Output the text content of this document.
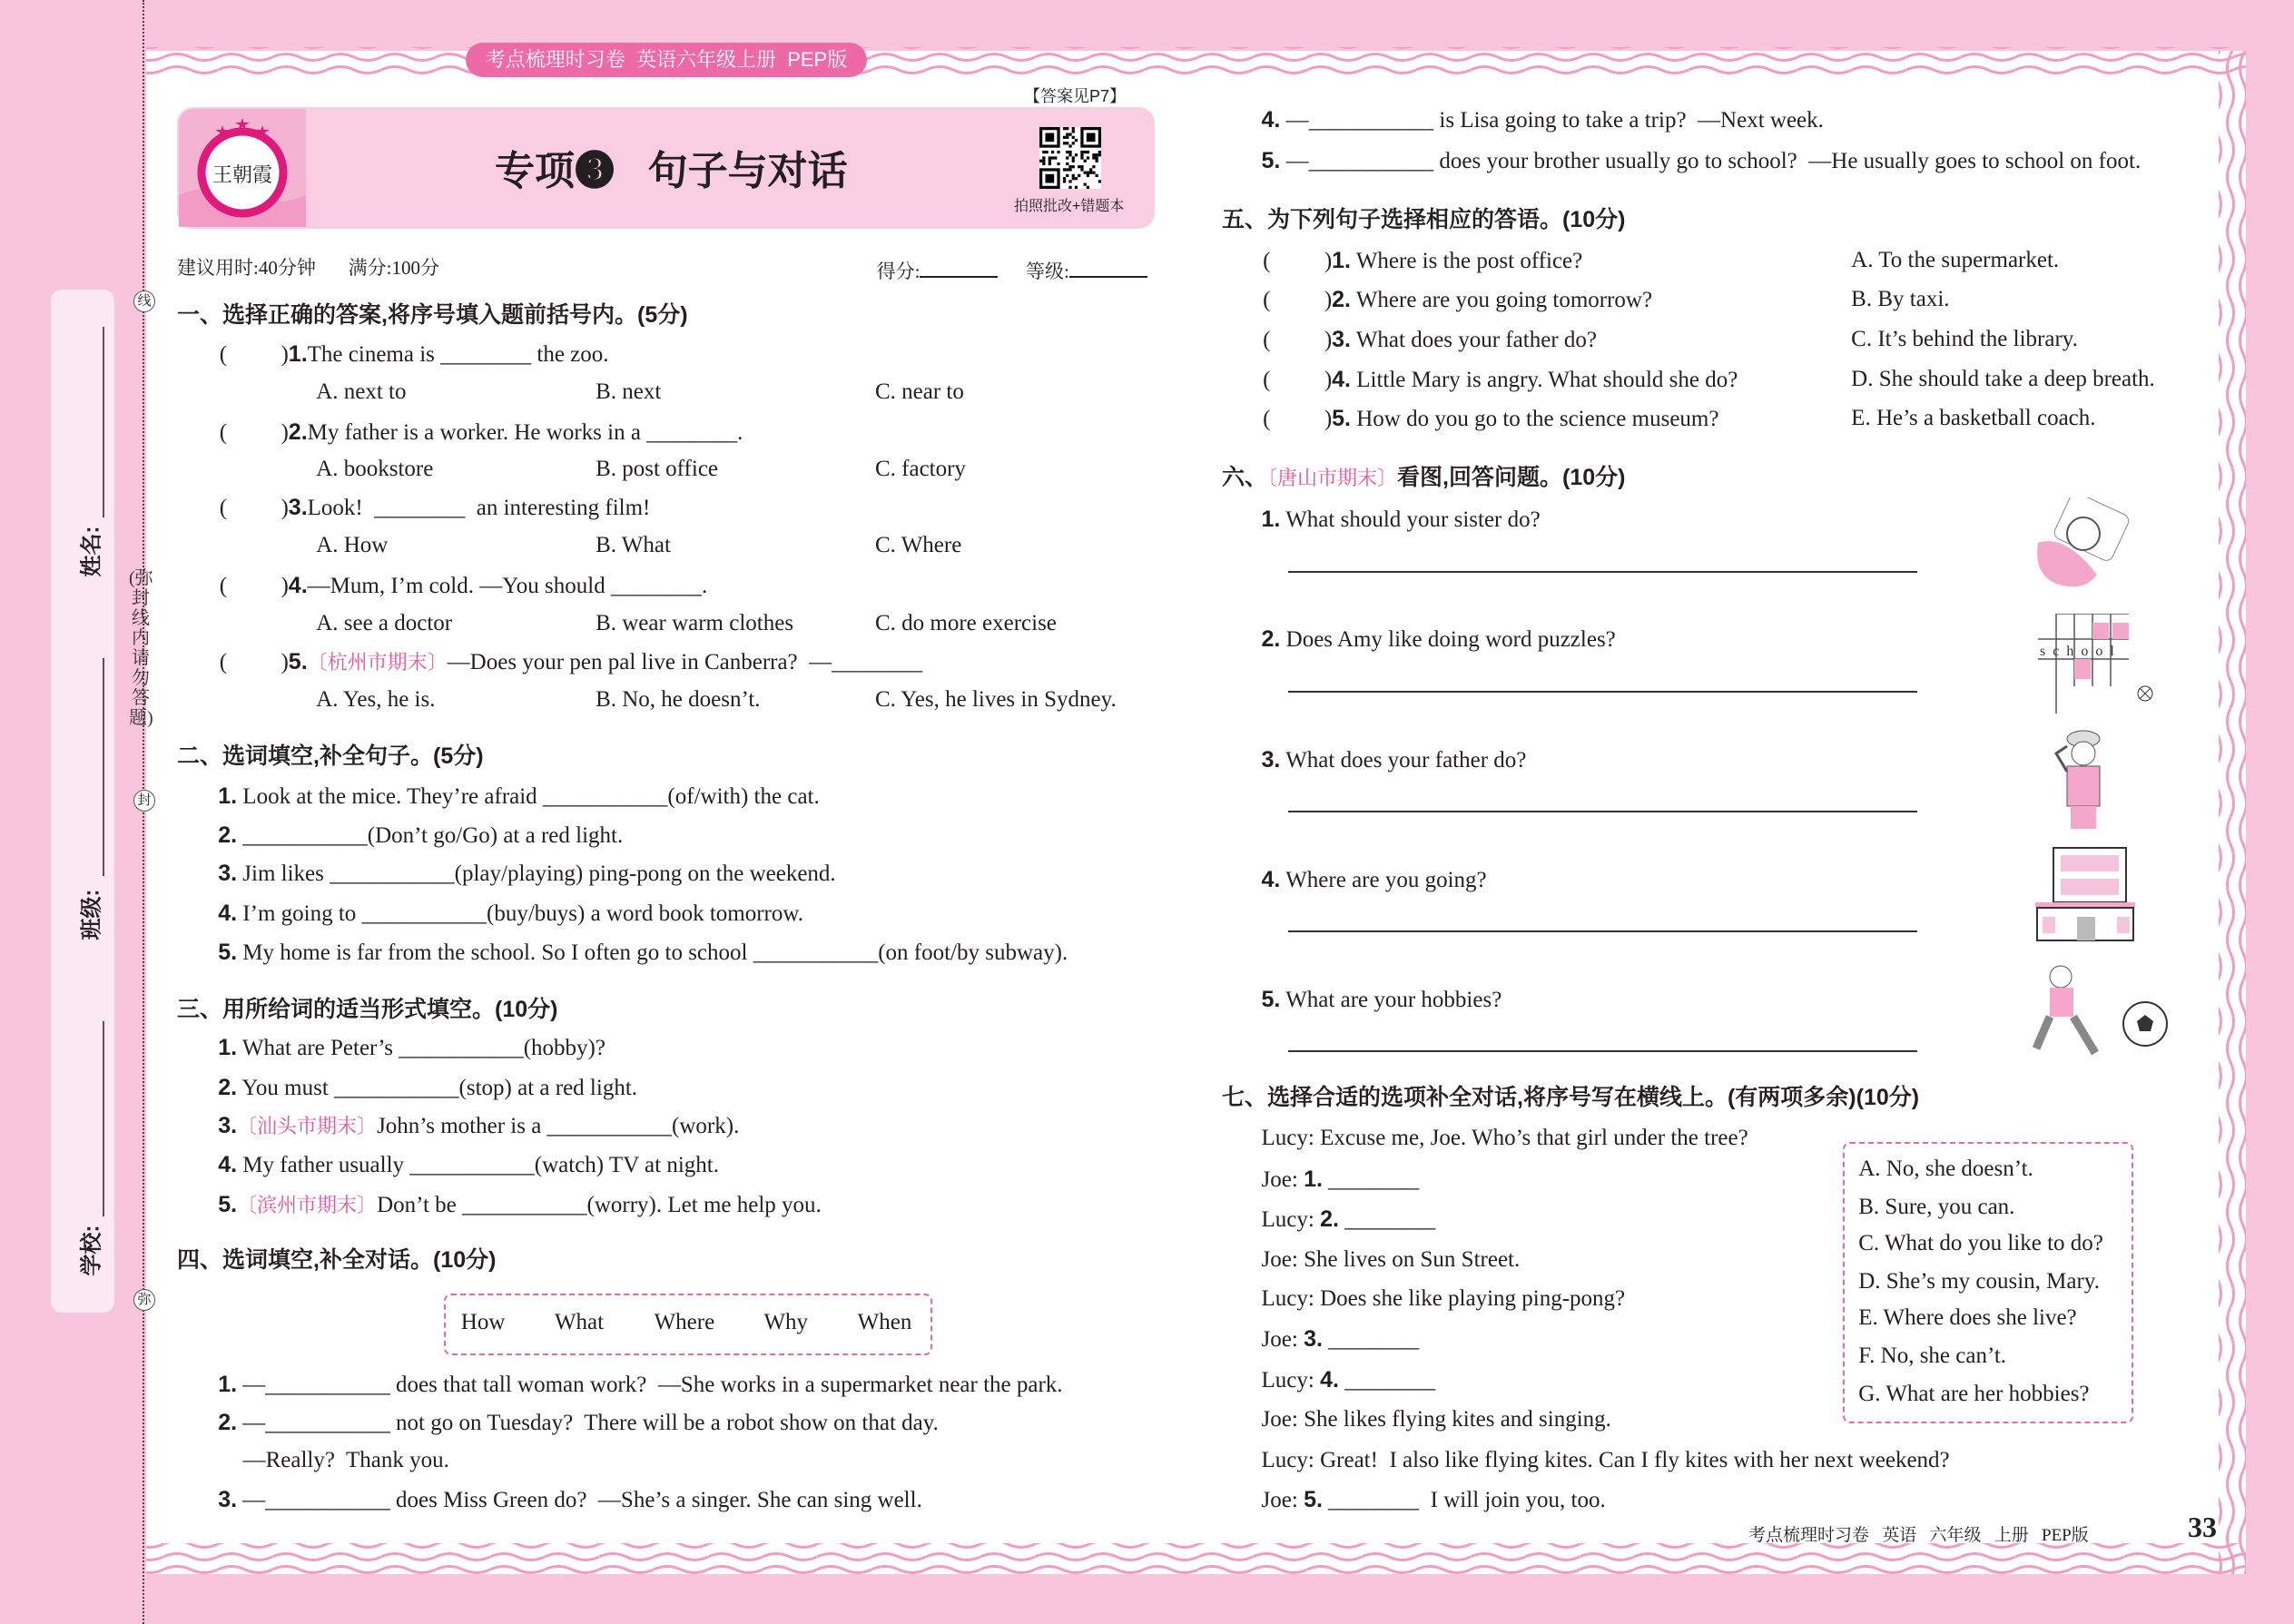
姓名:
班级:
学校:
(弥封线内请勿答题)
线
封
弥
考点梳理时习卷  英语六年级上册  PEP版
【答案见P7】
王朝霞	专项❸   句子与对话
拍照批改+错题本
建议用时:40分钟 满分:100分	得分:	等级:
一、选择正确的答案,将序号填入题前括号内。(5分)
( ) 1.The cinema is ________ the zoo.
A. next to	B. next	C. near to
( ) 2.My father is a worker. He works in a ________.
A. bookstore	B. post office	C. factory
( ) 3.Look!  ________  an interesting film!
A. How	B. What	C. Where
( ) 4.—Mum, I’m cold. —You should ________.
A. see a doctor	B. wear warm clothes	C. do more exercise
( ) 5.〔杭州市期末〕—Does your pen pal live in Canberra?  —________
A. Yes, he is.	B. No, he doesn’t.	C. Yes, he lives in Sydney.
二、选词填空,补全句子。(5分)
1. Look at the mice. They’re afraid ___________(of/with) the cat.
2. ___________(Don’t go/Go) at a red light.
3. Jim likes ___________(play/playing) ping-pong on the weekend.
4. I’m going to ___________(buy/buys) a word book tomorrow.
5. My home is far from the school. So I often go to school ___________(on foot/by subway).
三、用所给词的适当形式填空。(10分)
1. What are Peter’s ___________(hobby)?
2. You must ___________(stop) at a red light.
3.〔汕头市期末〕John’s mother is a ___________(work).
4. My father usually ___________(watch) TV at night.
5.〔滨州市期末〕Don’t be ___________(worry). Let me help you.
四、选词填空,补全对话。(10分)
How What Where Why When
1. —___________ does that tall woman work?  —She works in a supermarket near the park.
2. —___________ not go on Tuesday?  There will be a robot show on that day.
—Really?  Thank you.
3. —___________ does Miss Green do?  —She’s a singer. She can sing well.
4. —___________ is Lisa going to take a trip?  —Next week.
5. —___________ does your brother usually go to school?  —He usually goes to school on foot.
五、为下列句子选择相应的答语。(10分)
( ) 1. Where is the post office?
( ) 2. Where are you going tomorrow?
( ) 3. What does your father do?
( ) 4. Little Mary is angry. What should she do?
( ) 5. How do you go to the science museum?
A. To the supermarket.
B. By taxi.
C. It’s behind the library.
D. She should take a deep breath.
E. He’s a basketball coach.
六、〔唐山市期末〕看图,回答问题。(10分)
1. What should your sister do?
2. Does Amy like doing word puzzles?
3. What does your father do?
4. Where are you going?
5. What are your hobbies?
school
七、选择合适的选项补全对话,将序号写在横线上。(有两项多余)(10分)
Lucy: Excuse me, Joe. Who’s that girl under the tree?
Joe: 1. ________
Lucy: 2. ________
Joe: She lives on Sun Street.
Lucy: Does she like playing ping-pong?
Joe: 3. ________
Lucy: 4. ________
Joe: She likes flying kites and singing.
Lucy: Great!  I also like flying kites. Can I fly kites with her next weekend?
Joe: 5. ________  I will join you, too.
A. No, she doesn’t.
B. Sure, you can.
C. What do you like to do?
D. She’s my cousin, Mary.
E. Where does she live?
F. No, she can’t.
G. What are her hobbies?
考点梳理时习卷   英语   六年级   上册   PEP版	33
